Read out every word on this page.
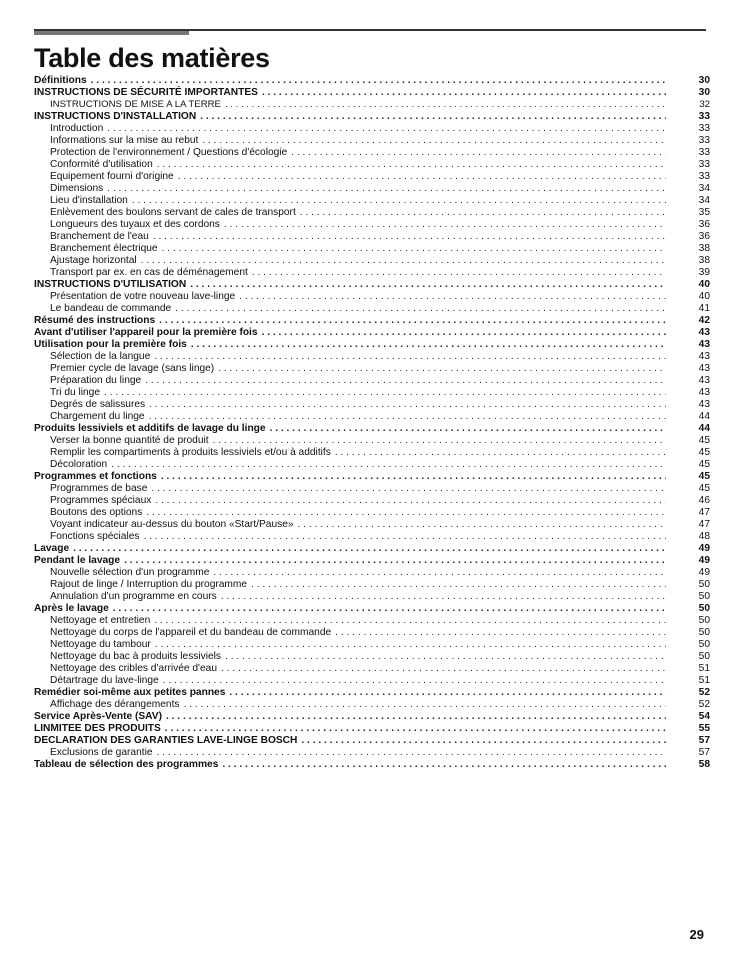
Table des matières
Définitions . . .	30
INSTRUCTIONS DE SÉCURITÉ IMPORTANTES . . .	30
INSTRUCTIONS DE MISE A LA TERRE . . .	32
INSTRUCTIONS D'INSTALLATION . . .	33
Introduction . . .	33
Informations sur la mise au rebut . . .	33
Protection de l'environnement / Questions d'écologie . . .	33
Conformité d'utilisation . . .	33
Equipement fourni d'origine . . .	33
Dimensions . . .	34
Lieu d'installation . . .	34
Enlèvement des boulons servant de cales de transport . . .	35
Longueurs des tuyaux et des cordons . . .	36
Branchement de l'eau . . .	36
Branchement électrique . . .	38
Ajustage horizontal . . .	38
Transport par ex. en cas de déménagement . . .	39
INSTRUCTIONS D'UTILISATION . . .	40
Présentation de votre nouveau lave-linge . . .	40
Le bandeau de commande . . .	41
Résumé des instructions . . .	42
Avant d'utiliser l'appareil pour la première fois . . .	43
Utilisation pour la première fois . . .	43
Sélection de la langue . . .	43
Premier cycle de lavage (sans linge) . . .	43
Préparation du linge . . .	43
Tri du linge . . .	43
Degrés de salissures . . .	43
Chargement du linge . . .	44
Produits lessiviels et additifs de lavage du linge . . .	44
Verser la bonne quantité de produit . . .	45
Remplir les compartiments à produits lessiviels et/ou à additifs . . .	45
Décoloration . . .	45
Programmes et fonctions . . .	45
Programmes de base . . .	45
Programmes spéciaux . . .	46
Boutons des options . . .	47
Voyant indicateur au-dessus du bouton «Start/Pause» . . .	47
Fonctions spéciales . . .	48
Lavage . . .	49
Pendant le lavage . . .	49
Nouvelle sélection d'un programme . . .	49
Rajout de linge / Interruption du programme . . .	50
Annulation d'un programme en cours . . .	50
Après le lavage . . .	50
Nettoyage et entretien . . .	50
Nettoyage du corps de l'appareil et du bandeau de commande . . .	50
Nettoyage du tambour . . .	50
Nettoyage du bac à produits lessiviels . . .	50
Nettoyage des cribles d'arrivée d'eau . . .	51
Détartrage du lave-linge . . .	51
Remédier soi-même aux petites pannes . . .	52
Affichage des dérangements . . .	52
Service Après-Vente (SAV) . . .	54
LINMITEE DES PRODUITS . . .	55
DECLARATION DES GARANTIES LAVE-LINGE BOSCH . . .	57
Exclusions de garantie . . .	57
Tableau de sélection des programmes . . .	58
29
